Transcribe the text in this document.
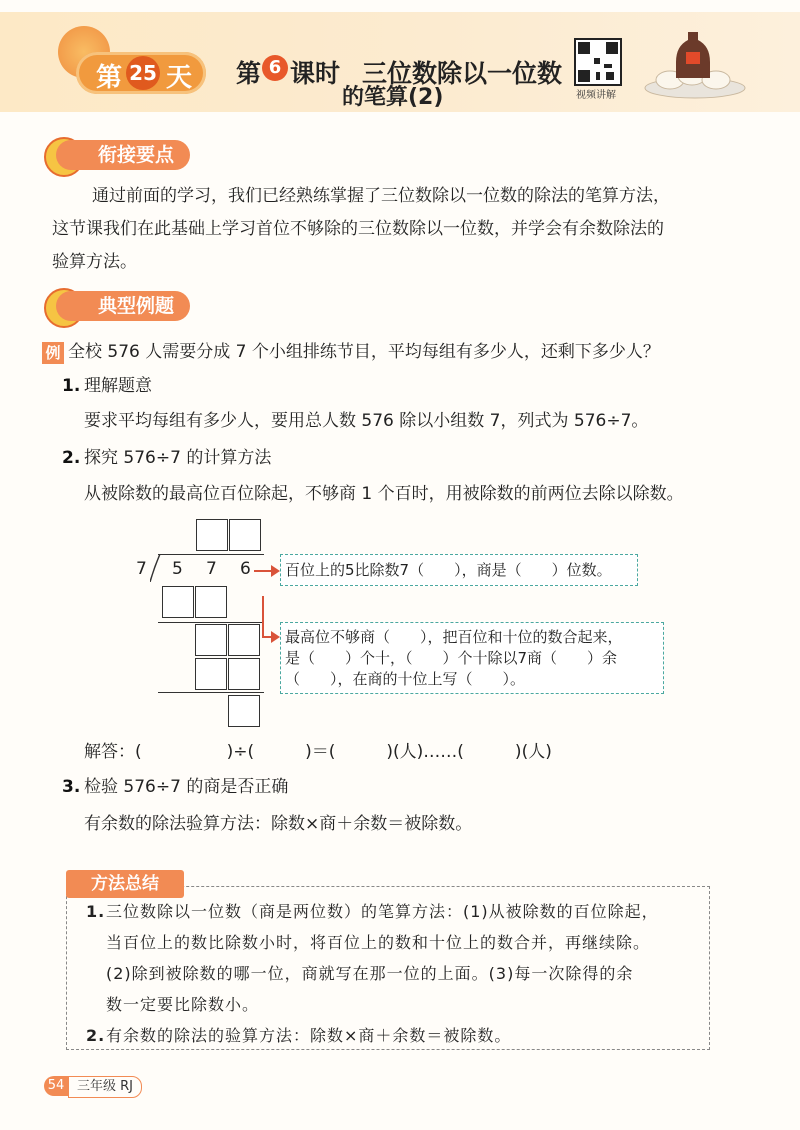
第 25 天 第 6 课时 三位数除以一位数
的笔算(2)	视频讲解
衔接要点
通过前面的学习，我们已经熟练掌握了三位数除以一位数的除法的笔算方法，
这节课我们在此基础上学习首位不够除的三位数除以一位数，并学会有余数除法的
验算方法。
典型例题
例 全校 576 人需要分成 7 个小组排练节目，平均每组有多少人，还剩下多少人？
1. 理解题意
要求平均每组有多少人，要用总人数 576 除以小组数 7，列式为 576÷7。
2. 探究 576÷7 的计算方法
从被除数的最高位百位除起，不够商 1 个百时，用被除数的前两位去除以除数。
7 5 7 6	百位上的5比除数7（　　），商是（　　）位数。
最高位不够商（　　），把百位和十位的数合起来，
是（　　）个十，（　　）个十除以7商（　　）余
（　　），在商的十位上写（　　）。
解答：(　　　　　)÷(　　　)＝(　　　)(人)……(　　　)(人)
3. 检验 576÷7 的商是否正确
有余数的除法验算方法：除数×商＋余数＝被除数。
方法总结
1. 三位数除以一位数（商是两位数）的笔算方法：(1)从被除数的百位除起，
当百位上的数比除数小时，将百位上的数和十位上的数合并，再继续除。
(2)除到被除数的哪一位，商就写在那一位的上面。(3)每一次除得的余
数一定要比除数小。
2. 有余数的除法的验算方法：除数×商＋余数＝被除数。
54 三年级 RJ
